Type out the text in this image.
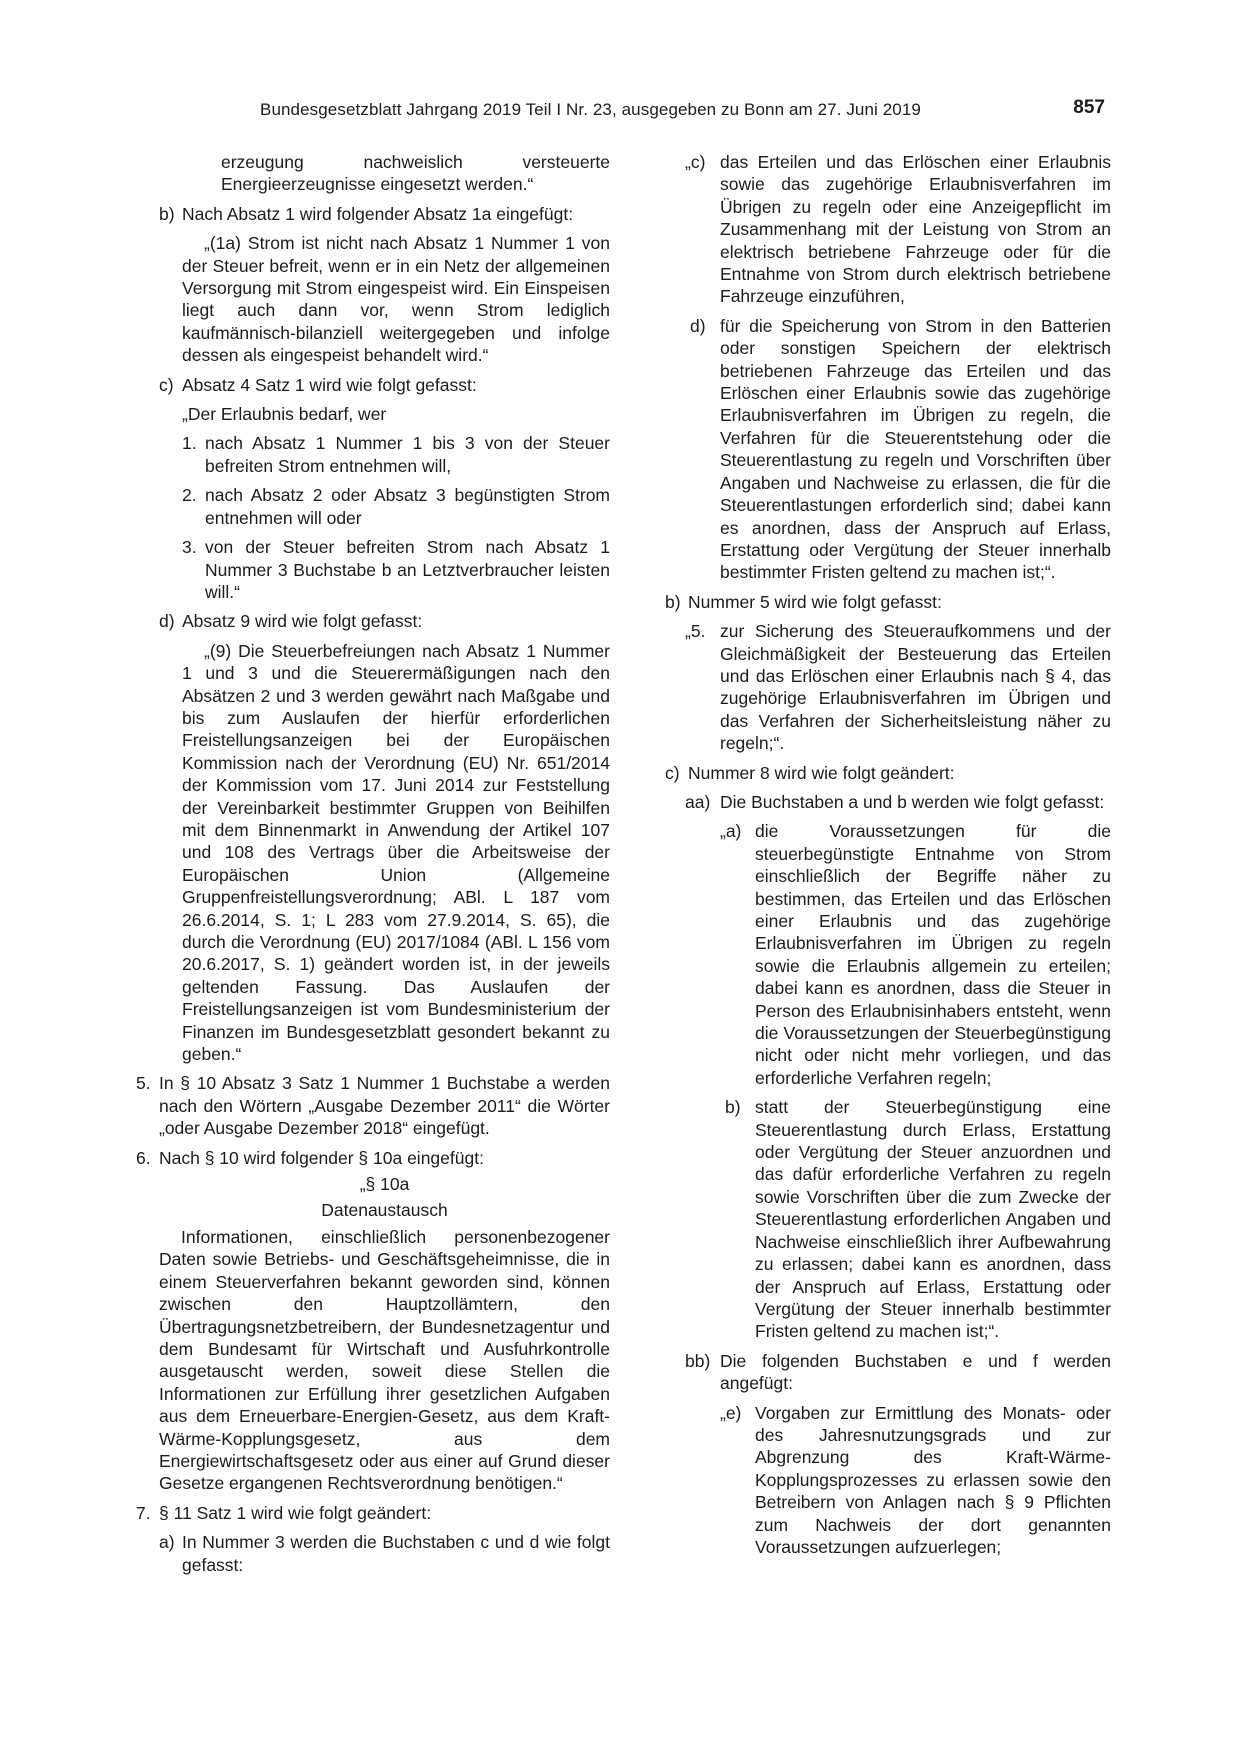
Bundesgesetzblatt Jahrgang 2019 Teil I Nr. 23, ausgegeben zu Bonn am 27. Juni 2019	857
erzeugung nachweislich versteuerte Energieerzeugnisse eingesetzt werden.“
b) Nach Absatz 1 wird folgender Absatz 1a eingefügt:
„(1a) Strom ist nicht nach Absatz 1 Nummer 1 von der Steuer befreit, wenn er in ein Netz der allgemeinen Versorgung mit Strom eingespeist wird. Ein Einspeisen liegt auch dann vor, wenn Strom lediglich kaufmännisch-bilanziell weitergegeben und infolge dessen als eingespeist behandelt wird.“
c) Absatz 4 Satz 1 wird wie folgt gefasst:
„Der Erlaubnis bedarf, wer
1. nach Absatz 1 Nummer 1 bis 3 von der Steuer befreiten Strom entnehmen will,
2. nach Absatz 2 oder Absatz 3 begünstigten Strom entnehmen will oder
3. von der Steuer befreiten Strom nach Absatz 1 Nummer 3 Buchstabe b an Letztverbraucher leisten will.“
d) Absatz 9 wird wie folgt gefasst:
„(9) Die Steuerbefreiungen nach Absatz 1 Nummer 1 und 3 und die Steuerermäßigungen nach den Absätzen 2 und 3 werden gewährt nach Maßgabe und bis zum Auslaufen der hierfür erforderlichen Freistellungsanzeigen bei der Europäischen Kommission nach der Verordnung (EU) Nr. 651/2014 der Kommission vom 17. Juni 2014 zur Feststellung der Vereinbarkeit bestimmter Gruppen von Beihilfen mit dem Binnenmarkt in Anwendung der Artikel 107 und 108 des Vertrags über die Arbeitsweise der Europäischen Union (Allgemeine Gruppenfreistellungsverordnung; ABl. L 187 vom 26.6.2014, S. 1; L 283 vom 27.9.2014, S. 65), die durch die Verordnung (EU) 2017/1084 (ABl. L 156 vom 20.6.2017, S. 1) geändert worden ist, in der jeweils geltenden Fassung. Das Auslaufen der Freistellungsanzeigen ist vom Bundesministerium der Finanzen im Bundesgesetzblatt gesondert bekannt zu geben.“
5. In § 10 Absatz 3 Satz 1 Nummer 1 Buchstabe a werden nach den Wörtern „Ausgabe Dezember 2011“ die Wörter „oder Ausgabe Dezember 2018“ eingefügt.
6. Nach § 10 wird folgender § 10a eingefügt:
„§ 10a
Datenaustausch
Informationen, einschließlich personenbezogener Daten sowie Betriebs- und Geschäftsgeheimnisse, die in einem Steuerverfahren bekannt geworden sind, können zwischen den Hauptzollämtern, den Übertragungsnetzbetreibern, der Bundesnetzagentur und dem Bundesamt für Wirtschaft und Ausfuhrkontrolle ausgetauscht werden, soweit diese Stellen die Informationen zur Erfüllung ihrer gesetzlichen Aufgaben aus dem Erneuerbare-Energien-Gesetz, aus dem Kraft-Wärme-Kopplungsgesetz, aus dem Energiewirtschaftsgesetz oder aus einer auf Grund dieser Gesetze ergangenen Rechtsverordnung benötigen.“
7. § 11 Satz 1 wird wie folgt geändert:
a) In Nummer 3 werden die Buchstaben c und d wie folgt gefasst:
„c) das Erteilen und das Erlöschen einer Erlaubnis sowie das zugehörige Erlaubnisverfahren im Übrigen zu regeln oder eine Anzeigepflicht im Zusammenhang mit der Leistung von Strom an elektrisch betriebene Fahrzeuge oder für die Entnahme von Strom durch elektrisch betriebene Fahrzeuge einzuführen,
d) für die Speicherung von Strom in den Batterien oder sonstigen Speichern der elektrisch betriebenen Fahrzeuge das Erteilen und das Erlöschen einer Erlaubnis sowie das zugehörige Erlaubnisverfahren im Übrigen zu regeln, die Verfahren für die Steuerentstehung oder die Steuerentlastung zu regeln und Vorschriften über Angaben und Nachweise zu erlassen, die für die Steuerentlastungen erforderlich sind; dabei kann es anordnen, dass der Anspruch auf Erlass, Erstattung oder Vergütung der Steuer innerhalb bestimmter Fristen geltend zu machen ist;“.
b) Nummer 5 wird wie folgt gefasst:
„5. zur Sicherung des Steueraufkommens und der Gleichmäßigkeit der Besteuerung das Erteilen und das Erlöschen einer Erlaubnis nach § 4, das zugehörige Erlaubnisverfahren im Übrigen und das Verfahren der Sicherheitsleistung näher zu regeln;“.
c) Nummer 8 wird wie folgt geändert:
aa) Die Buchstaben a und b werden wie folgt gefasst:
„a) die Voraussetzungen für die steuerbegünstigte Entnahme von Strom einschließlich der Begriffe näher zu bestimmen, das Erteilen und das Erlöschen einer Erlaubnis und das zugehörige Erlaubnisverfahren im Übrigen zu regeln sowie die Erlaubnis allgemein zu erteilen; dabei kann es anordnen, dass die Steuer in Person des Erlaubnisinhabers entsteht, wenn die Voraussetzungen der Steuerbegünstigung nicht oder nicht mehr vorliegen, und das erforderliche Verfahren regeln;
b) statt der Steuerbegünstigung eine Steuerentlastung durch Erlass, Erstattung oder Vergütung der Steuer anzuordnen und das dafür erforderliche Verfahren zu regeln sowie Vorschriften über die zum Zwecke der Steuerentlastung erforderlichen Angaben und Nachweise einschließlich ihrer Aufbewahrung zu erlassen; dabei kann es anordnen, dass der Anspruch auf Erlass, Erstattung oder Vergütung der Steuer innerhalb bestimmter Fristen geltend zu machen ist;“.
bb) Die folgenden Buchstaben e und f werden angefügt:
„e) Vorgaben zur Ermittlung des Monats- oder des Jahresnutzungsgrads und zur Abgrenzung des Kraft-Wärme-Kopplungsprozesses zu erlassen sowie den Betreibern von Anlagen nach § 9 Pflichten zum Nachweis der dort genannten Voraussetzungen aufzuerlegen;
